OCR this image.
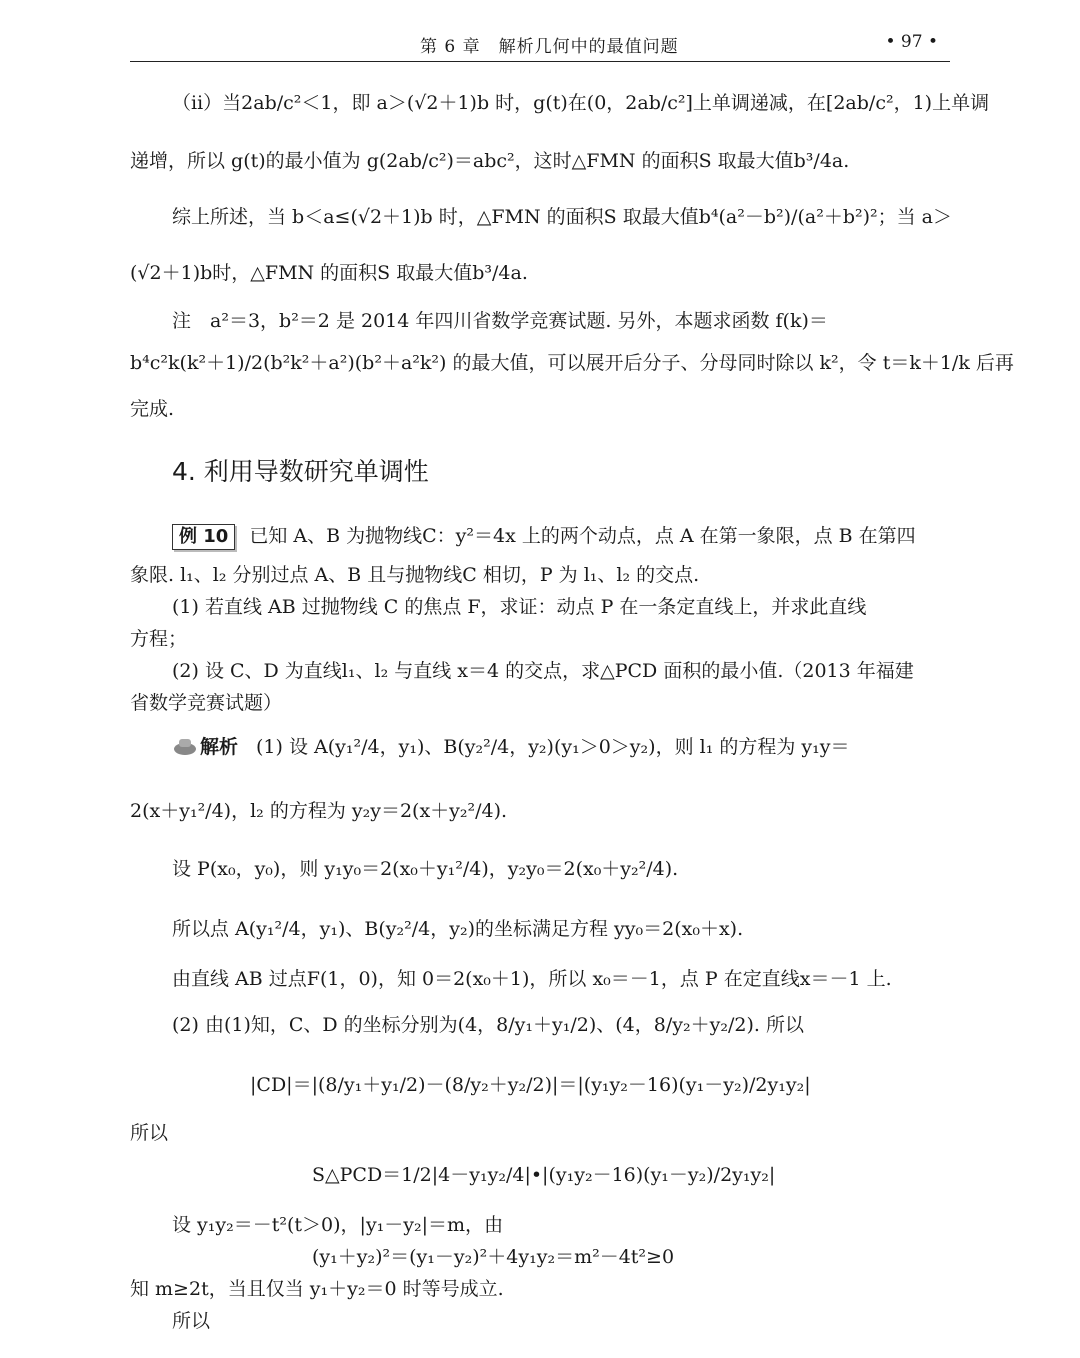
第 6 章　解析几何中的最值问题	• 97 •
（ⅱ）当2ab/c²＜1，即 a＞(√2＋1)b 时，g(t)在(0，2ab/c²]上单调递减，在[2ab/c²，1)上单调
递增，所以 g(t)的最小值为 g(2ab/c²)＝abc²，这时△FMN 的面积S 取最大值b³/4a.
综上所述，当 b＜a≤(√2＋1)b 时，△FMN 的面积S 取最大值b⁴(a²－b²)/(a²＋b²)²；当 a＞
(√2＋1)b时，△FMN 的面积S 取最大值b³/4a.
注　a²＝3，b²＝2 是 2014 年四川省数学竞赛试题. 另外，本题求函数 f(k)＝
b⁴c²k(k²＋1)/2(b²k²＋a²)(b²＋a²k²) 的最大值，可以展开后分子、分母同时除以 k²，令 t＝k＋1/k 后再
完成.
4. 利用导数研究单调性
例 10 已知 A、B 为抛物线C：y²＝4x 上的两个动点，点 A 在第一象限，点 B 在第四
象限. l₁、l₂ 分别过点 A、B 且与抛物线C 相切，P 为 l₁、l₂ 的交点.
(1) 若直线 AB 过抛物线 C 的焦点 F，求证：动点 P 在一条定直线上，并求此直线
方程；
(2) 设 C、D 为直线l₁、l₂ 与直线 x＝4 的交点，求△PCD 面积的最小值.（2013 年福建
省数学竞赛试题）
解析 (1) 设 A(y₁²/4，y₁)、B(y₂²/4，y₂)(y₁＞0＞y₂)，则 l₁ 的方程为 y₁y＝
2(x＋y₁²/4)，l₂ 的方程为 y₂y＝2(x＋y₂²/4).
设 P(x₀，y₀)，则 y₁y₀＝2(x₀＋y₁²/4)，y₂y₀＝2(x₀＋y₂²/4).
所以点 A(y₁²/4，y₁)、B(y₂²/4，y₂)的坐标满足方程 yy₀＝2(x₀＋x).
由直线 AB 过点F(1，0)，知 0＝2(x₀＋1)，所以 x₀＝－1，点 P 在定直线x＝－1 上.
(2) 由(1)知，C、D 的坐标分别为(4，8/y₁＋y₁/2)、(4，8/y₂＋y₂/2). 所以
|CD|＝|(8/y₁＋y₁/2)－(8/y₂＋y₂/2)|＝|(y₁y₂－16)(y₁－y₂)/2y₁y₂|
所以
S△PCD＝1/2|4－y₁y₂/4|•|(y₁y₂－16)(y₁－y₂)/2y₁y₂|
设 y₁y₂＝－t²(t＞0)，|y₁－y₂|＝m，由
(y₁＋y₂)²＝(y₁－y₂)²＋4y₁y₂＝m²－4t²≥0
知 m≥2t，当且仅当 y₁＋y₂＝0 时等号成立.
所以
